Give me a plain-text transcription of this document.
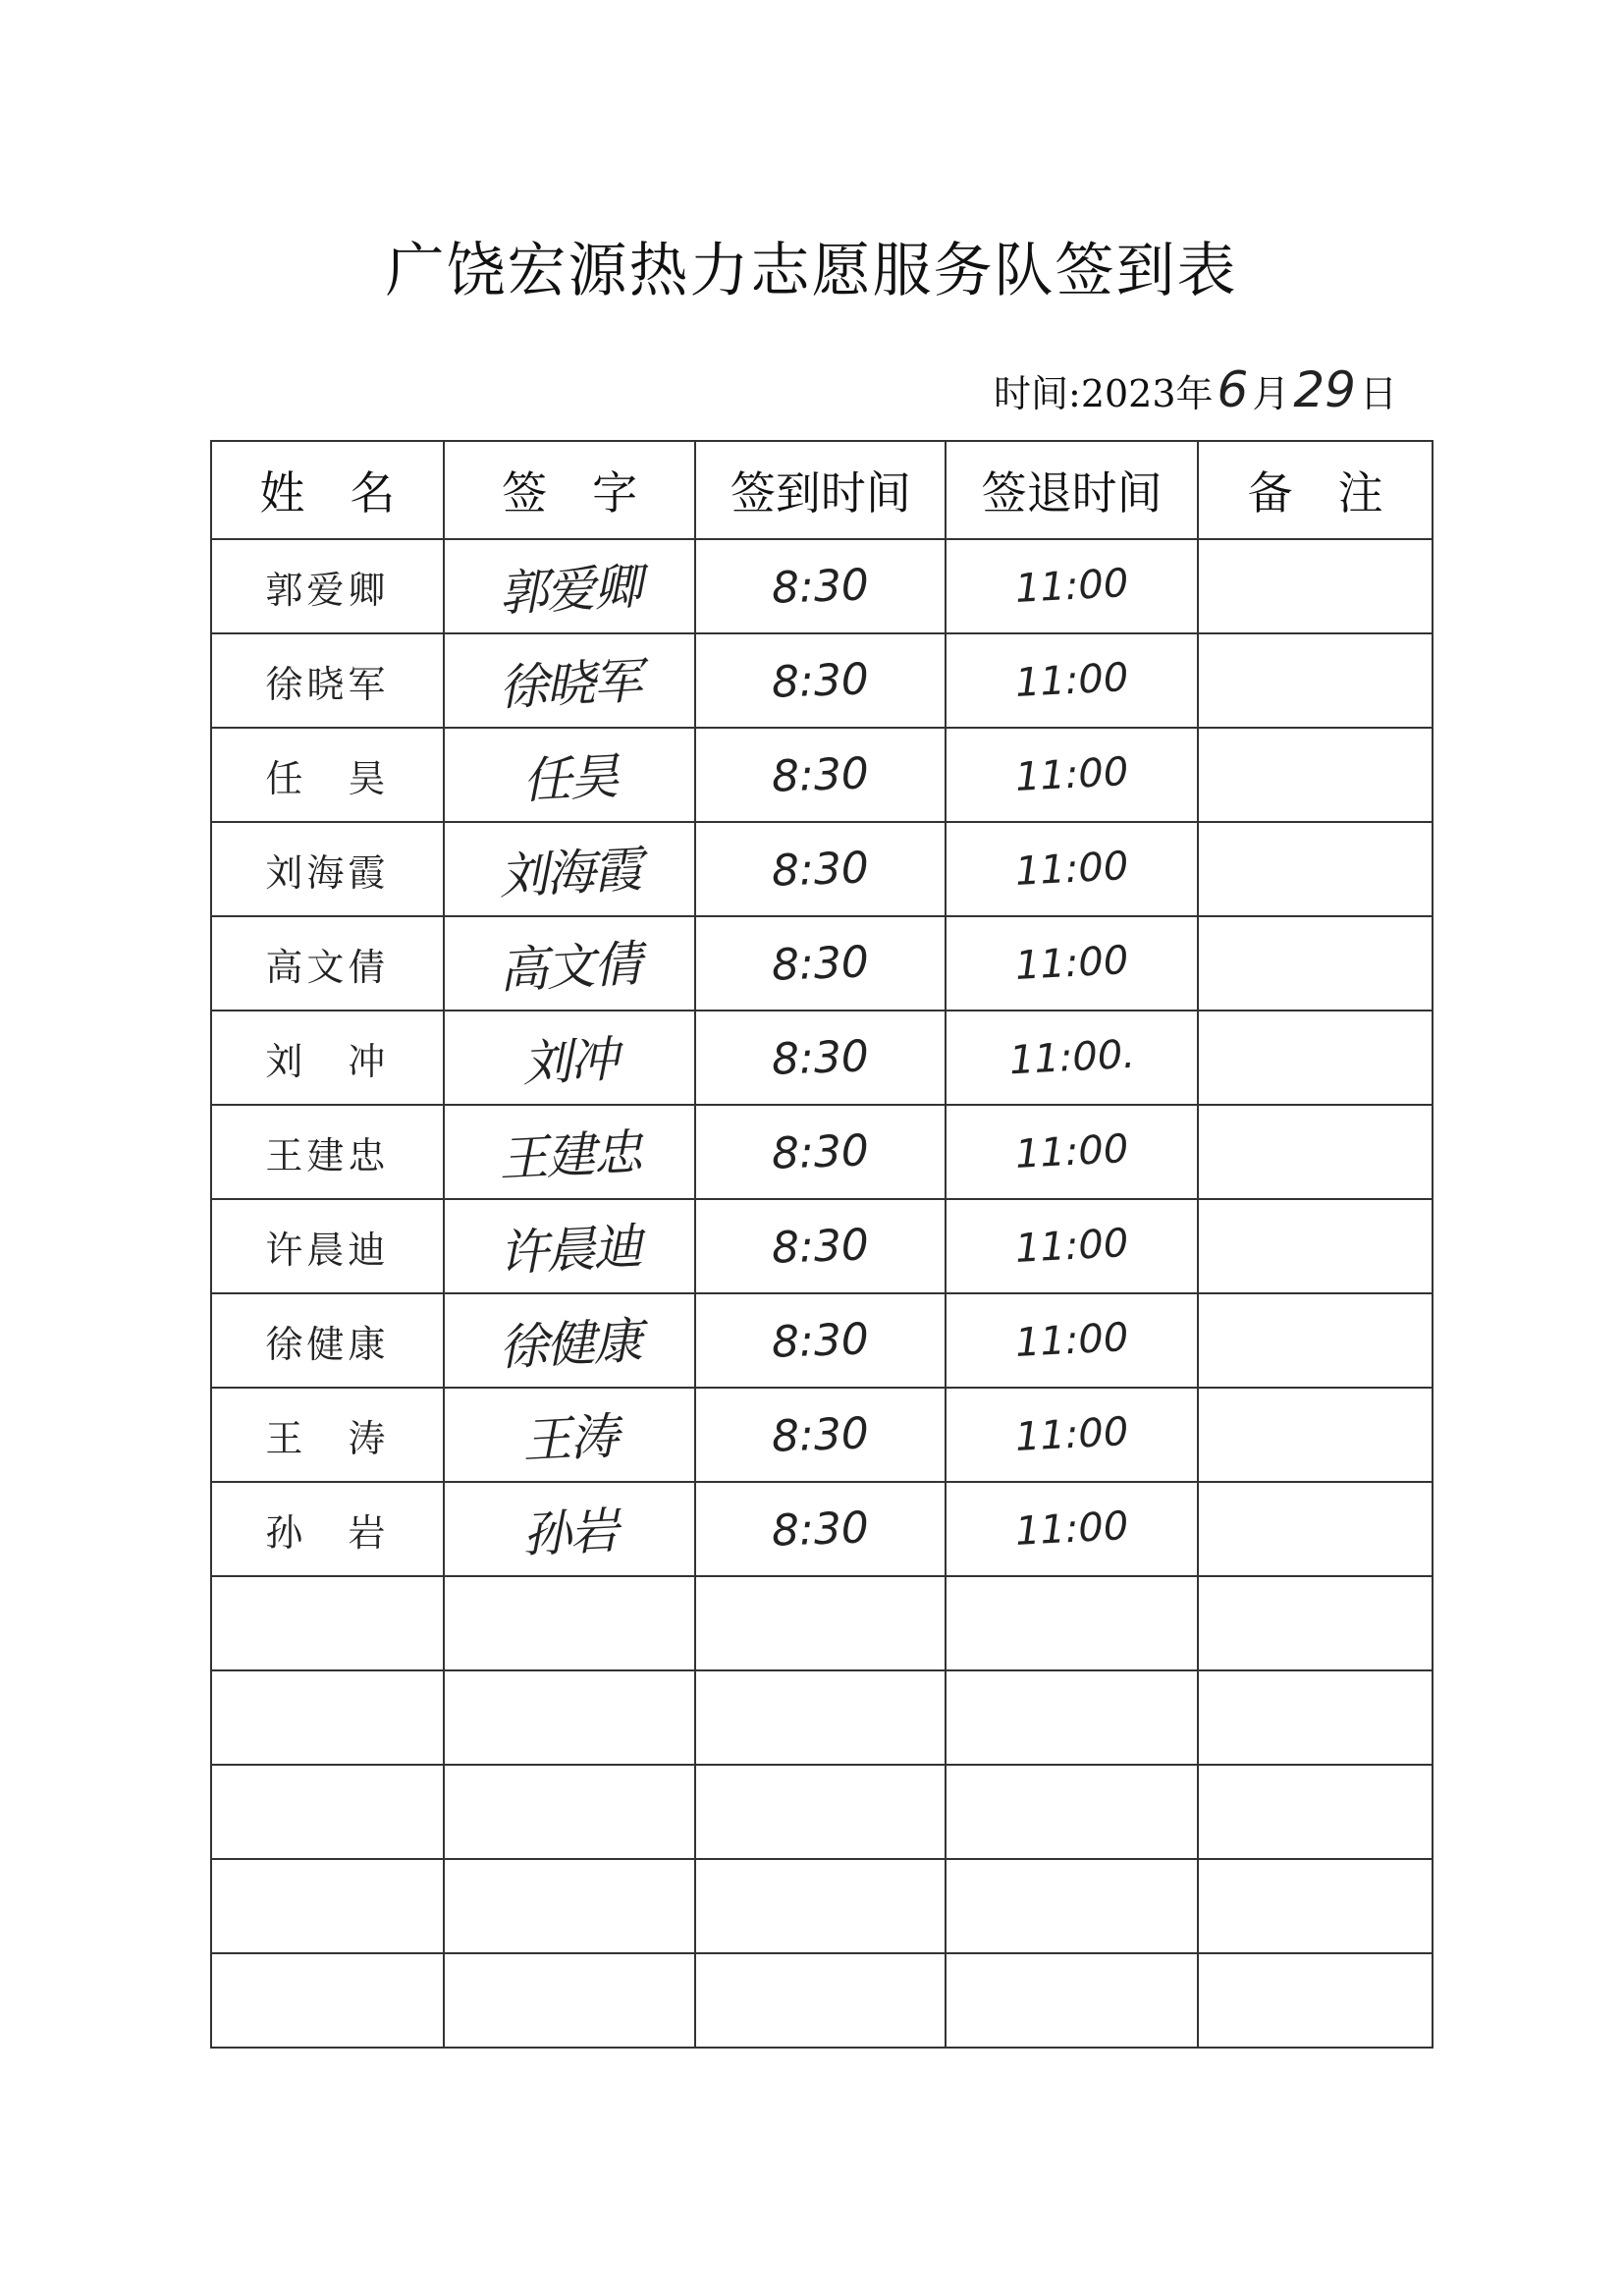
广饶宏源热力志愿服务队签到表
时间:2023年 6 月 29 日
姓　名	签　字	签到时间	签退时间	备　注
郭爱卿	郭爱卿	8:30	11:00	
徐晓军	徐晓军	8:30	11:00	
任　昊	任昊	8:30	11:00	
刘海霞	刘海霞	8:30	11:00	
高文倩	高文倩	8:30	11:00	
刘　冲	刘冲	8:30	11:00.	
王建忠	王建忠	8:30	11:00	
许晨迪	许晨迪	8:30	11:00	
徐健康	徐健康	8:30	11:00	
王　涛	王涛	8:30	11:00	
孙　岩	孙岩	8:30	11:00	
